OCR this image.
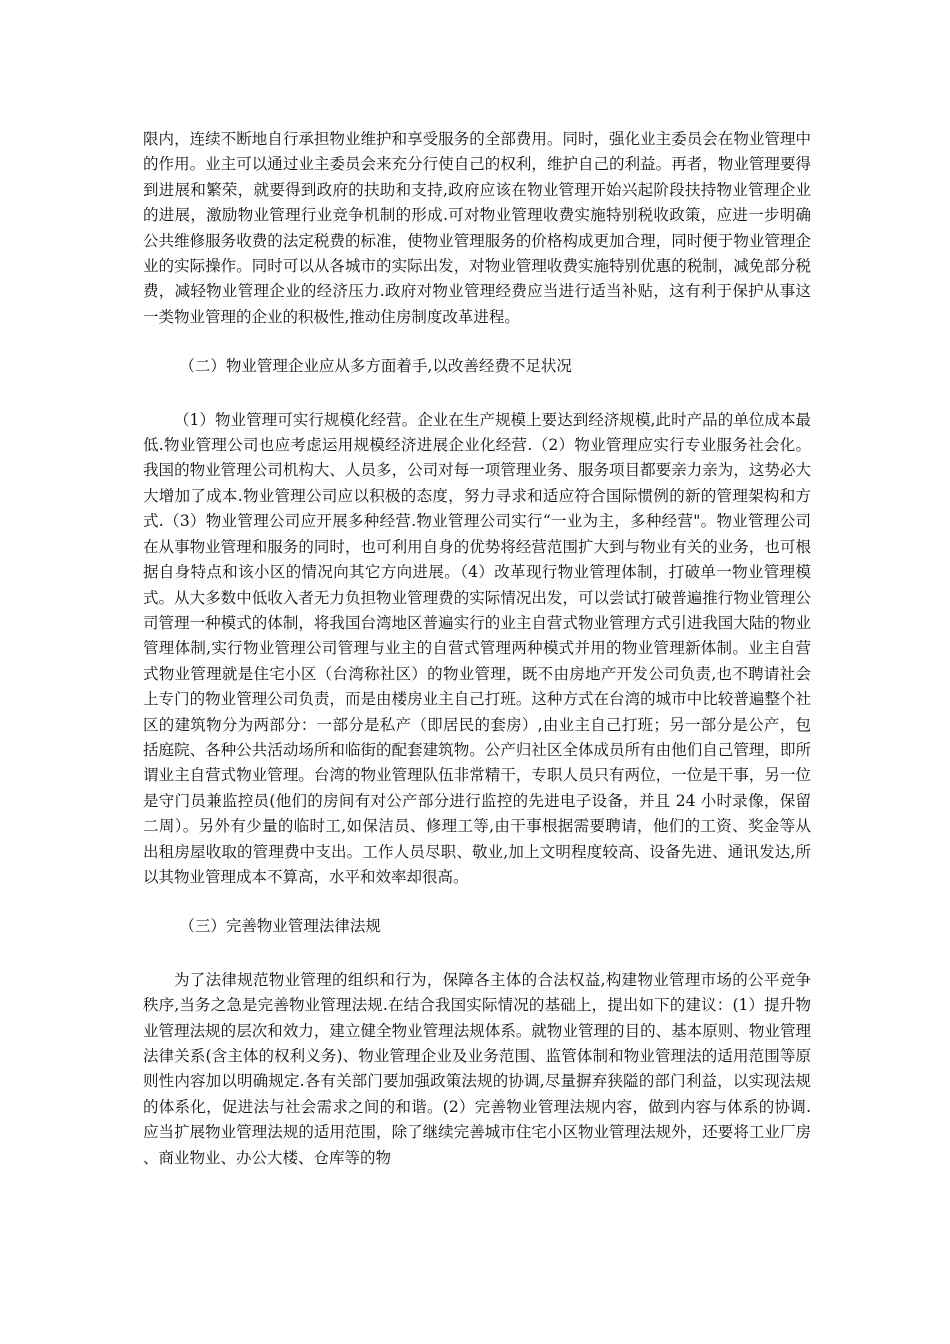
限内，连续不断地自行承担物业维护和享受服务的全部费用。同时，强化业主委员会在物业管理中的作用。业主可以通过业主委员会来充分行使自己的权利，维护自己的利益。再者，物业管理要得到进展和繁荣，就要得到政府的扶助和支持,政府应该在物业管理开始兴起阶段扶持物业管理企业的进展，激励物业管理行业竞争机制的形成.可对物业管理收费实施特别税收政策，应进一步明确公共维修服务收费的法定税费的标准，使物业管理服务的价格构成更加合理，同时便于物业管理企业的实际操作。同时可以从各城市的实际出发，对物业管理收费实施特别优惠的税制，减免部分税费，减轻物业管理企业的经济压力.政府对物业管理经费应当进行适当补贴，这有利于保护从事这一类物业管理的企业的积极性,推动住房制度改革进程。

（二）物业管理企业应从多方面着手,以改善经费不足状况

（1）物业管理可实行规模化经营。企业在生产规模上要达到经济规模,此时产品的单位成本最低.物业管理公司也应考虑运用规模经济进展企业化经营.（2）物业管理应实行专业服务社会化。我国的物业管理公司机构大、人员多，公司对每一项管理业务、服务项目都要亲力亲为，这势必大大增加了成本.物业管理公司应以积极的态度，努力寻求和适应符合国际惯例的新的管理架构和方式.（3）物业管理公司应开展多种经营.物业管理公司实行“一业为主，多种经营"。物业管理公司在从事物业管理和服务的同时，也可利用自身的优势将经营范围扩大到与物业有关的业务，也可根据自身特点和该小区的情况向其它方向进展。（4）改革现行物业管理体制，打破单一物业管理模式。从大多数中低收入者无力负担物业管理费的实际情况出发，可以尝试打破普遍推行物业管理公司管理一种模式的体制，将我国台湾地区普遍实行的业主自营式物业管理方式引进我国大陆的物业管理体制,实行物业管理公司管理与业主的自营式管理两种模式并用的物业管理新体制。业主自营式物业管理就是住宅小区（台湾称社区）的物业管理，既不由房地产开发公司负责,也不聘请社会上专门的物业管理公司负责，而是由楼房业主自己打班。这种方式在台湾的城市中比较普遍整个社区的建筑物分为两部分：一部分是私产（即居民的套房）,由业主自己打班；另一部分是公产，包括庭院、各种公共活动场所和临街的配套建筑物。公产归社区全体成员所有由他们自己管理，即所谓业主自营式物业管理。台湾的物业管理队伍非常精干，专职人员只有两位，一位是干事，另一位是守门员兼监控员(他们的房间有对公产部分进行监控的先进电子设备，并且 24 小时录像，保留二周）。另外有少量的临时工,如保洁员、修理工等,由干事根据需要聘请，他们的工资、奖金等从出租房屋收取的管理费中支出。工作人员尽职、敬业,加上文明程度较高、设备先进、通讯发达,所以其物业管理成本不算高，水平和效率却很高。

（三）完善物业管理法律法规

为了法律规范物业管理的组织和行为，保障各主体的合法权益,构建物业管理市场的公平竞争秩序,当务之急是完善物业管理法规.在结合我国实际情况的基础上，提出如下的建议：(1）提升物业管理法规的层次和效力，建立健全物业管理法规体系。就物业管理的目的、基本原则、物业管理法律关系(含主体的权利义务)、物业管理企业及业务范围、监管体制和物业管理法的适用范围等原则性内容加以明确规定.各有关部门要加强政策法规的协调,尽量摒弃狭隘的部门利益，以实现法规的体系化，促进法与社会需求之间的和谐。(2）完善物业管理法规内容，做到内容与体系的协调.应当扩展物业管理法规的适用范围，除了继续完善城市住宅小区物业管理法规外，还要将工业厂房、商业物业、办公大楼、仓库等的物
